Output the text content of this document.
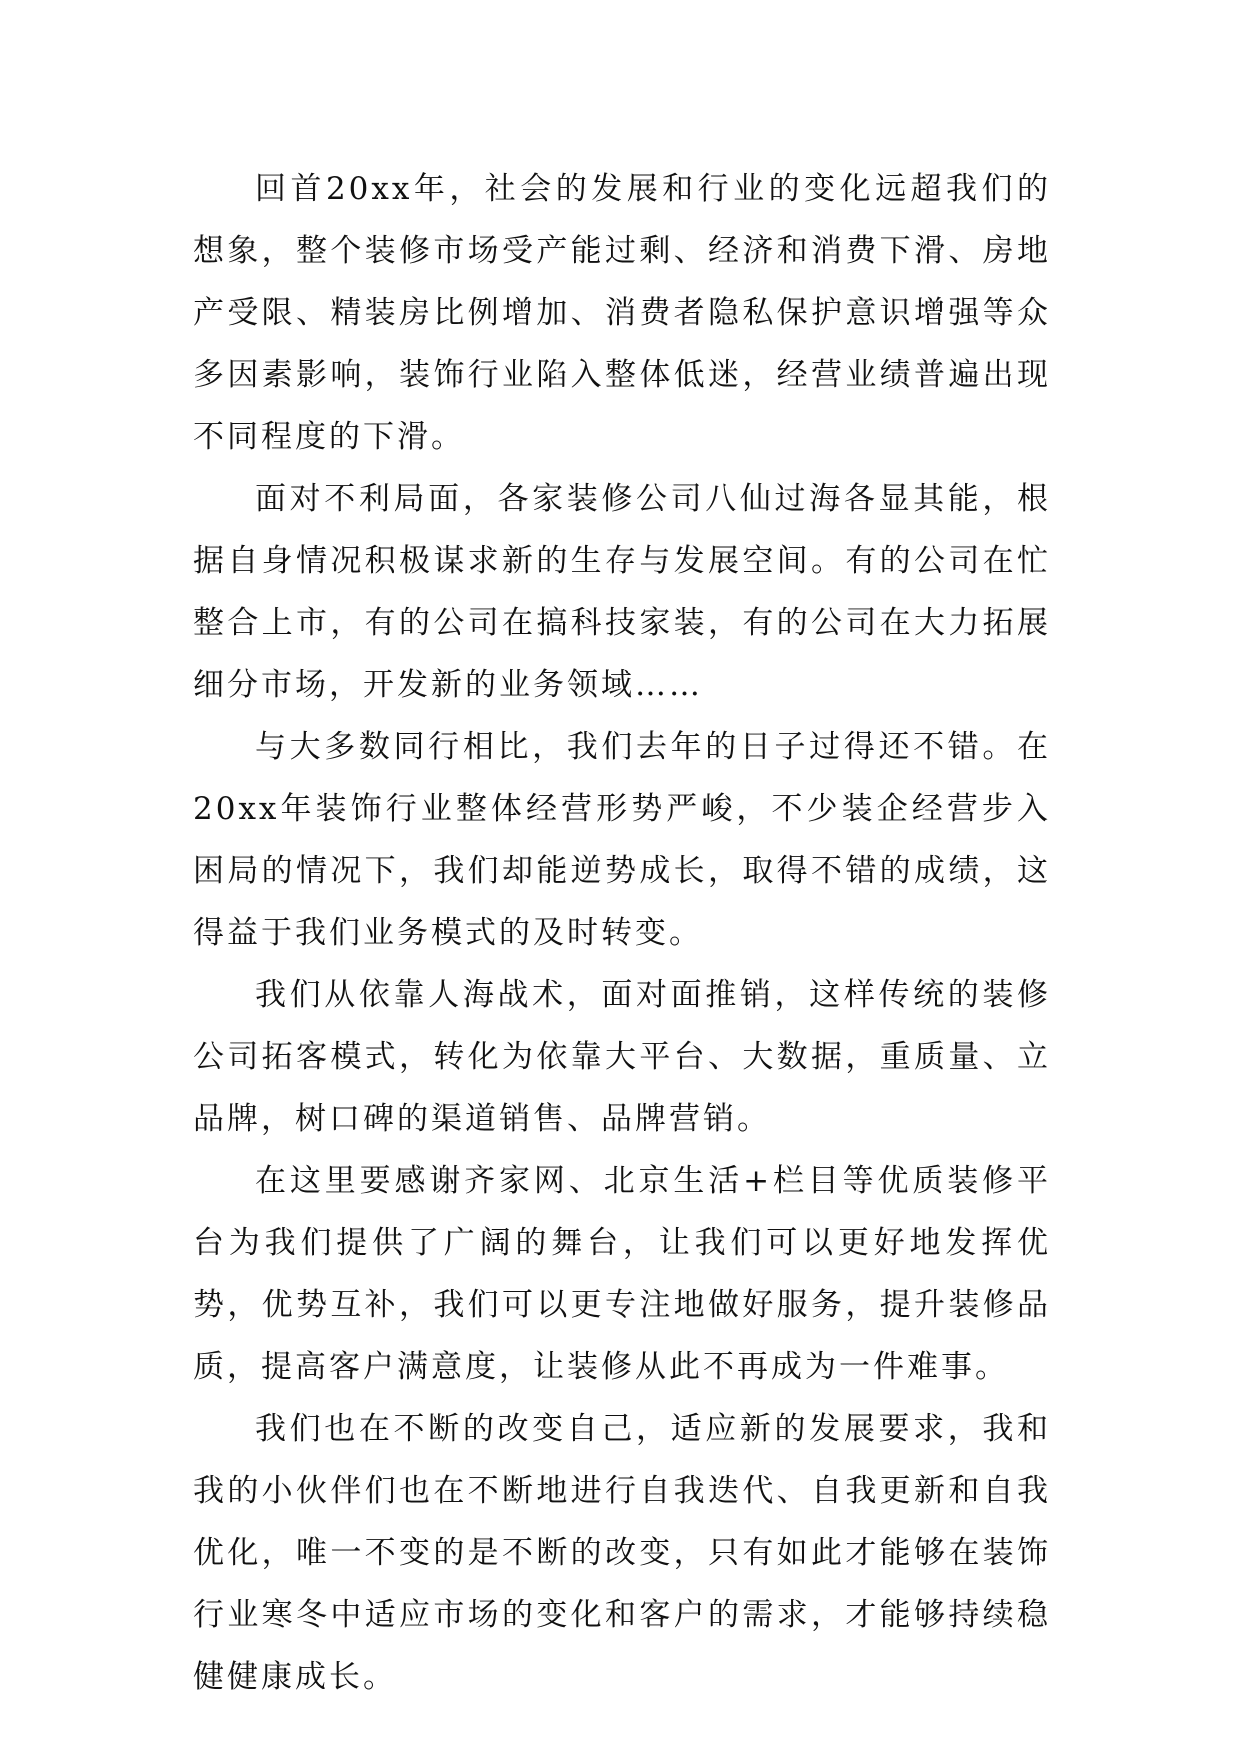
回首20xx年，社会的发展和行业的变化远超我们的想象，整个装修市场受产能过剩、经济和消费下滑、房地产受限、精装房比例增加、消费者隐私保护意识增强等众多因素影响，装饰行业陷入整体低迷，经营业绩普遍出现不同程度的下滑。

面对不利局面，各家装修公司八仙过海各显其能，根据自身情况积极谋求新的生存与发展空间。有的公司在忙整合上市，有的公司在搞科技家装，有的公司在大力拓展细分市场，开发新的业务领域……

与大多数同行相比，我们去年的日子过得还不错。在20xx年装饰行业整体经营形势严峻，不少装企经营步入困局的情况下，我们却能逆势成长，取得不错的成绩，这得益于我们业务模式的及时转变。

我们从依靠人海战术，面对面推销，这样传统的装修公司拓客模式，转化为依靠大平台、大数据，重质量、立品牌，树口碑的渠道销售、品牌营销。

在这里要感谢齐家网、北京生活+栏目等优质装修平台为我们提供了广阔的舞台，让我们可以更好地发挥优势，优势互补，我们可以更专注地做好服务，提升装修品质，提高客户满意度，让装修从此不再成为一件难事。

我们也在不断的改变自己，适应新的发展要求，我和我的小伙伴们也在不断地进行自我迭代、自我更新和自我优化，唯一不变的是不断的改变，只有如此才能够在装饰行业寒冬中适应市场的变化和客户的需求，才能够持续稳健健康成长。
